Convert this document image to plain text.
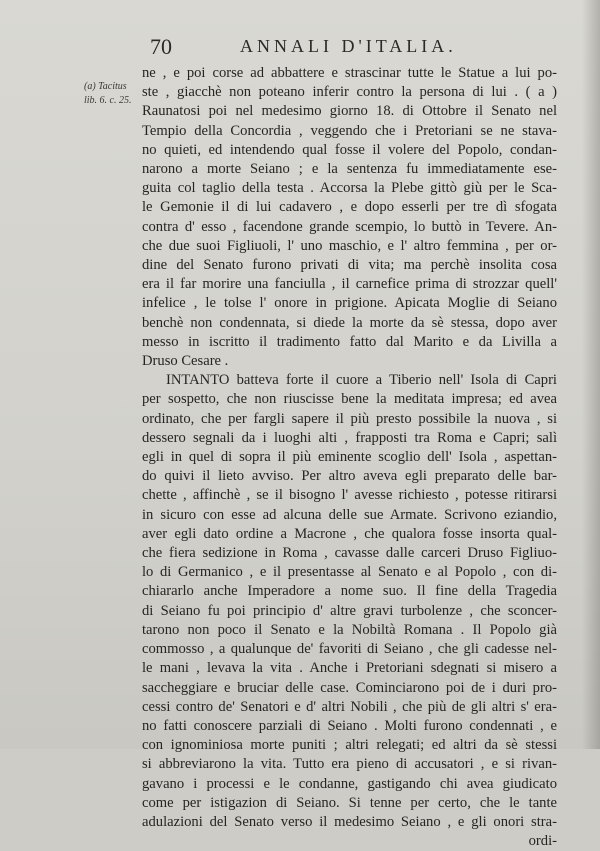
70	ANNALI D'ITALIA.
(a) Tacitus
lib. 6. c. 25.
ne , e poi corse ad abbattere e strascinar tutte le Statue a lui po-
ste , giacchè non poteano inferir contro la persona di lui . ( a )
Raunatosi poi nel medesimo giorno 18. di Ottobre il Senato nel
Tempio della Concordia , veggendo che i Pretoriani se ne stava-
no quieti, ed intendendo qual fosse il volere del Popolo, condan-
narono a morte Seiano ; e la sentenza fu immediatamente ese-
guita col taglio della testa . Accorsa la Plebe gittò giù per le Sca-
le Gemonie il di lui cadavero , e dopo esserli per tre dì sfogata
contra d' esso , facendone grande scempio, lo buttò in Tevere. An-
che due suoi Figliuoli, l' uno maschio, e l' altro femmina , per or-
dine del Senato furono privati di vita; ma perchè insolita cosa
era il far morire una fanciulla , il carnefice prima di strozzar quell'
infelice , le tolse l' onore in prigione. Apicata Moglie di Seiano
benchè non condennata, si diede la morte da sè stessa, dopo aver
messo in iscritto il tradimento fatto dal Marito e da Livilla a
Druso Cesare .
INTANTO batteva forte il cuore a Tiberio nell' Isola di Capri
per sospetto, che non riuscisse bene la meditata impresa; ed avea
ordinato, che per fargli sapere il più presto possibile la nuova , si
dessero segnali da i luoghi alti , frapposti tra Roma e Capri; salì
egli in quel di sopra il più eminente scoglio dell' Isola , aspettan-
do quivi il lieto avviso. Per altro aveva egli preparato delle bar-
chette , affinchè , se il bisogno l' avesse richiesto , potesse ritirarsi
in sicuro con esse ad alcuna delle sue Armate. Scrivono eziandio,
aver egli dato ordine a Macrone , che qualora fosse insorta qual-
che fiera sedizione in Roma , cavasse dalle carceri Druso Figliuo-
lo di Germanico , e il presentasse al Senato e al Popolo , con di-
chiararlo anche Imperadore a nome suo. Il fine della Tragedia
di Seiano fu poi principio d' altre gravi turbolenze , che sconcer-
tarono non poco il Senato e la Nobiltà Romana . Il Popolo già
commosso , a qualunque de' favoriti di Seiano , che gli cadesse nel-
le mani , levava la vita . Anche i Pretoriani sdegnati si misero a
saccheggiare e bruciar delle case. Cominciarono poi de i duri pro-
cessi contro de' Senatori e d' altri Nobili , che più de gli altri s' era-
no fatti conoscere parziali di Seiano . Molti furono condennati , e
con ignominiosa morte puniti ; altri relegati; ed altri da sè stessi
si abbreviarono la vita. Tutto era pieno di accusatori , e si rivan-
gavano i processi e le condanne, gastigando chi avea giudicato
come per istigazion di Seiano. Si tenne per certo, che le tante
adulazioni del Senato verso il medesimo Seiano , e gli onori stra-
ordi-
